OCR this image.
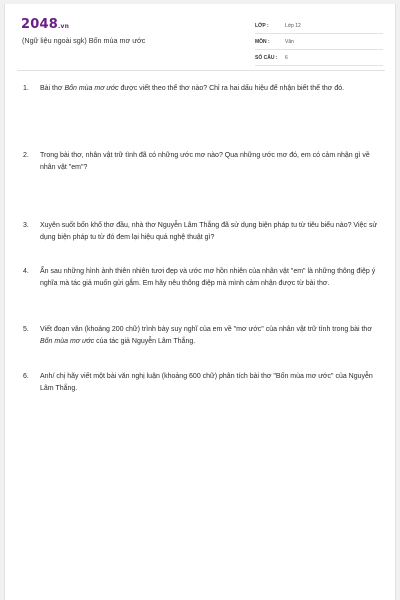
2048.vn
(Ngữ liệu ngoài sgk) Bốn mùa mơ ước
LỚP :	Lớp 12
MÔN :	Văn
SỐ CÂU :	6
1.	Bài thơ Bốn mùa mơ ước được viết theo thể thơ nào? Chỉ ra hai dấu hiệu để nhận biết thể thơ đó.
2.	Trong bài thơ, nhân vật trữ tình đã có những ước mơ nào? Qua những ước mơ đó, em có cảm nhận gì về nhân vật "em"?
3.	Xuyên suốt bốn khổ thơ đầu, nhà thơ Nguyễn Lâm Thắng đã sử dụng biện pháp tu từ tiêu biểu nào? Việc sử dụng biện pháp tu từ đó đem lại hiệu quả nghệ thuật gì?
4.	Ẩn sau những hình ảnh thiên nhiên tươi đẹp và ước mơ hồn nhiên của nhân vật "em" là những thông điệp ý nghĩa mà tác giả muốn gửi gắm. Em hãy nêu thông điệp mà mình cảm nhận được từ bài thơ.
5.	Viết đoạn văn (khoảng 200 chữ) trình bày suy nghĩ của em về "mơ ước" của nhân vật trữ tình trong bài thơ Bốn mùa mơ ước của tác giả Nguyễn Lâm Thắng.
6.	Anh/ chị hãy viết một bài văn nghị luận (khoảng 600 chữ) phân tích bài thơ "Bốn mùa mơ ước" của Nguyễn Lâm Thắng.
